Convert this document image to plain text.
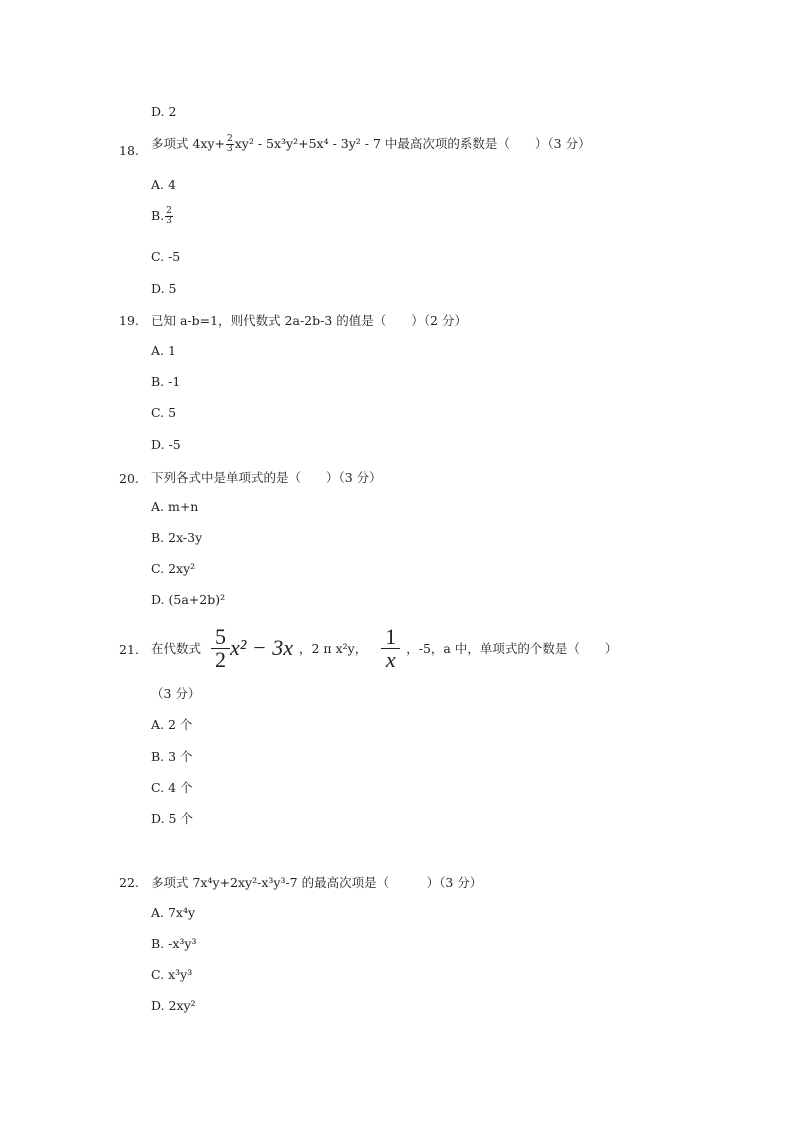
D. 2
18. 多项式 $4xy+ \frac{2}{3} xy^2 - 5x^3y^2+5x^4 - 3y^2 - 7$ 中最高次项的系数是（　　）（3 分）
A. 4
B. $\frac{2}{3}$
C. -5
D. 5
19. 已知 a-b=1，则代数式 2a-2b-3 的值是（　　）（2 分）
A. 1
B. -1
C. 5
D. -5
20. 下列各式中是单项式的是（　　）（3 分）
A. m+n
B. 2x-3y
C. 2xy²
D. (5a+2b)²
21. 在代数式 $\frac{5}{2} x^2 - 3x$ ，2 π x²y， $\frac{1}{x}$ ，-5，a 中，单项式的个数是（　　）
（3 分）
A. 2 个
B. 3 个
C. 4 个
D. 5 个
22. 多项式 7x⁴y+2xy²-x³y³-7 的最高次项是（　　　）（3 分）
A. 7x⁴y
B. -x³y³
C. x³y³
D. 2xy²
